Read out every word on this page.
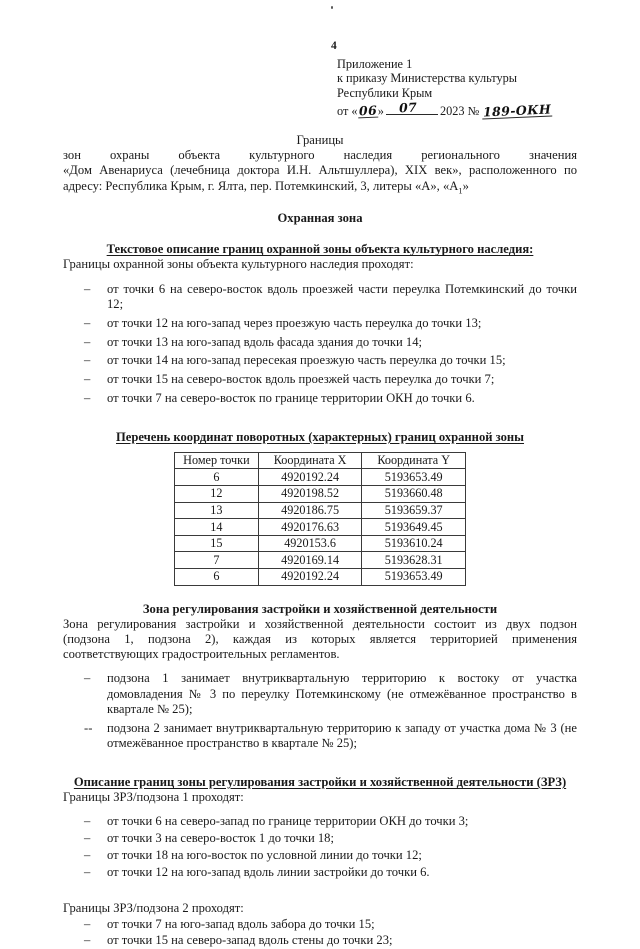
4
Приложение 1
к приказу Министерства культуры
Республики Крым
от « 06 » 07 2023
№
189-ОКН
Границы
зон охраны объекта культурного наследия регионального значения
«Дом Авенариуса (лечебница доктора И.Н. Альтшуллера), XIX век», расположенного по
адресу: Республика Крым, г. Ялта, пер. Потемкинский, 3, литеры «А», «$А_1$»
Охранная зона
Текстовое описание границ охранной зоны объекта культурного наследия:
Границы охранной зоны объекта культурного наследия проходят:
– от точки 6 на северо-восток вдоль проезжей части переулка Потемкинский до точки 12;
– от точки 12 на юго-запад через проезжую часть переулка до точки 13;
– от точки 13 на юго-запад вдоль фасада здания до точки 14;
– от точки 14 на юго-запад пересекая проезжую часть переулка до точки 15;
– от точки 15 на северо-восток вдоль проезжей часть переулка до точки 7;
– от точки 7 на северо-восток по границе территории ОКН до точки 6.
Перечень координат поворотных (характерных) границ охранной зоны
Номер точки	Координата X	Координата Y
6	4920192.24	5193653.49
12	4920198.52	5193660.48
13	4920186.75	5193659.37
14	4920176.63	5193649.45
15	4920153.6	5193610.24
7	4920169.14	5193628.31
6	4920192.24	5193653.49
Зона регулирования застройки и хозяйственной деятельности
Зона регулирования застройки и хозяйственной деятельности состоит из двух подзон
(подзона 1, подзона 2), каждая из которых является территорией применения
соответствующих градостроительных регламентов.
– подзона 1 занимает внутриквартальную территорию к востоку от участка домовладения № 3 по переулку Потемкинскому (не отмежёванное пространство в квартале № 25);
-- подзона 2 занимает внутриквартальную территорию к западу от участка дома № 3 (не отмежёванное пространство в квартале № 25);
Описание границ зоны регулирования застройки и хозяйственной деятельности (ЗРЗ)
Границы ЗРЗ/подзона 1 проходят:
– от точки 6 на северо-запад по границе территории ОКН до точки 3;
– от точки 3 на северо-восток 1 до точки 18;
– от точки 18 на юго-восток по условной линии до точки 12;
– от точки 12 на юго-запад вдоль линии застройки до точки 6.
Границы ЗРЗ/подзона 2 проходят:
– от точки 7 на юго-запад вдоль забора до точки 15;
– от точки 15 на северо-запад вдоль стены до точки 23;
